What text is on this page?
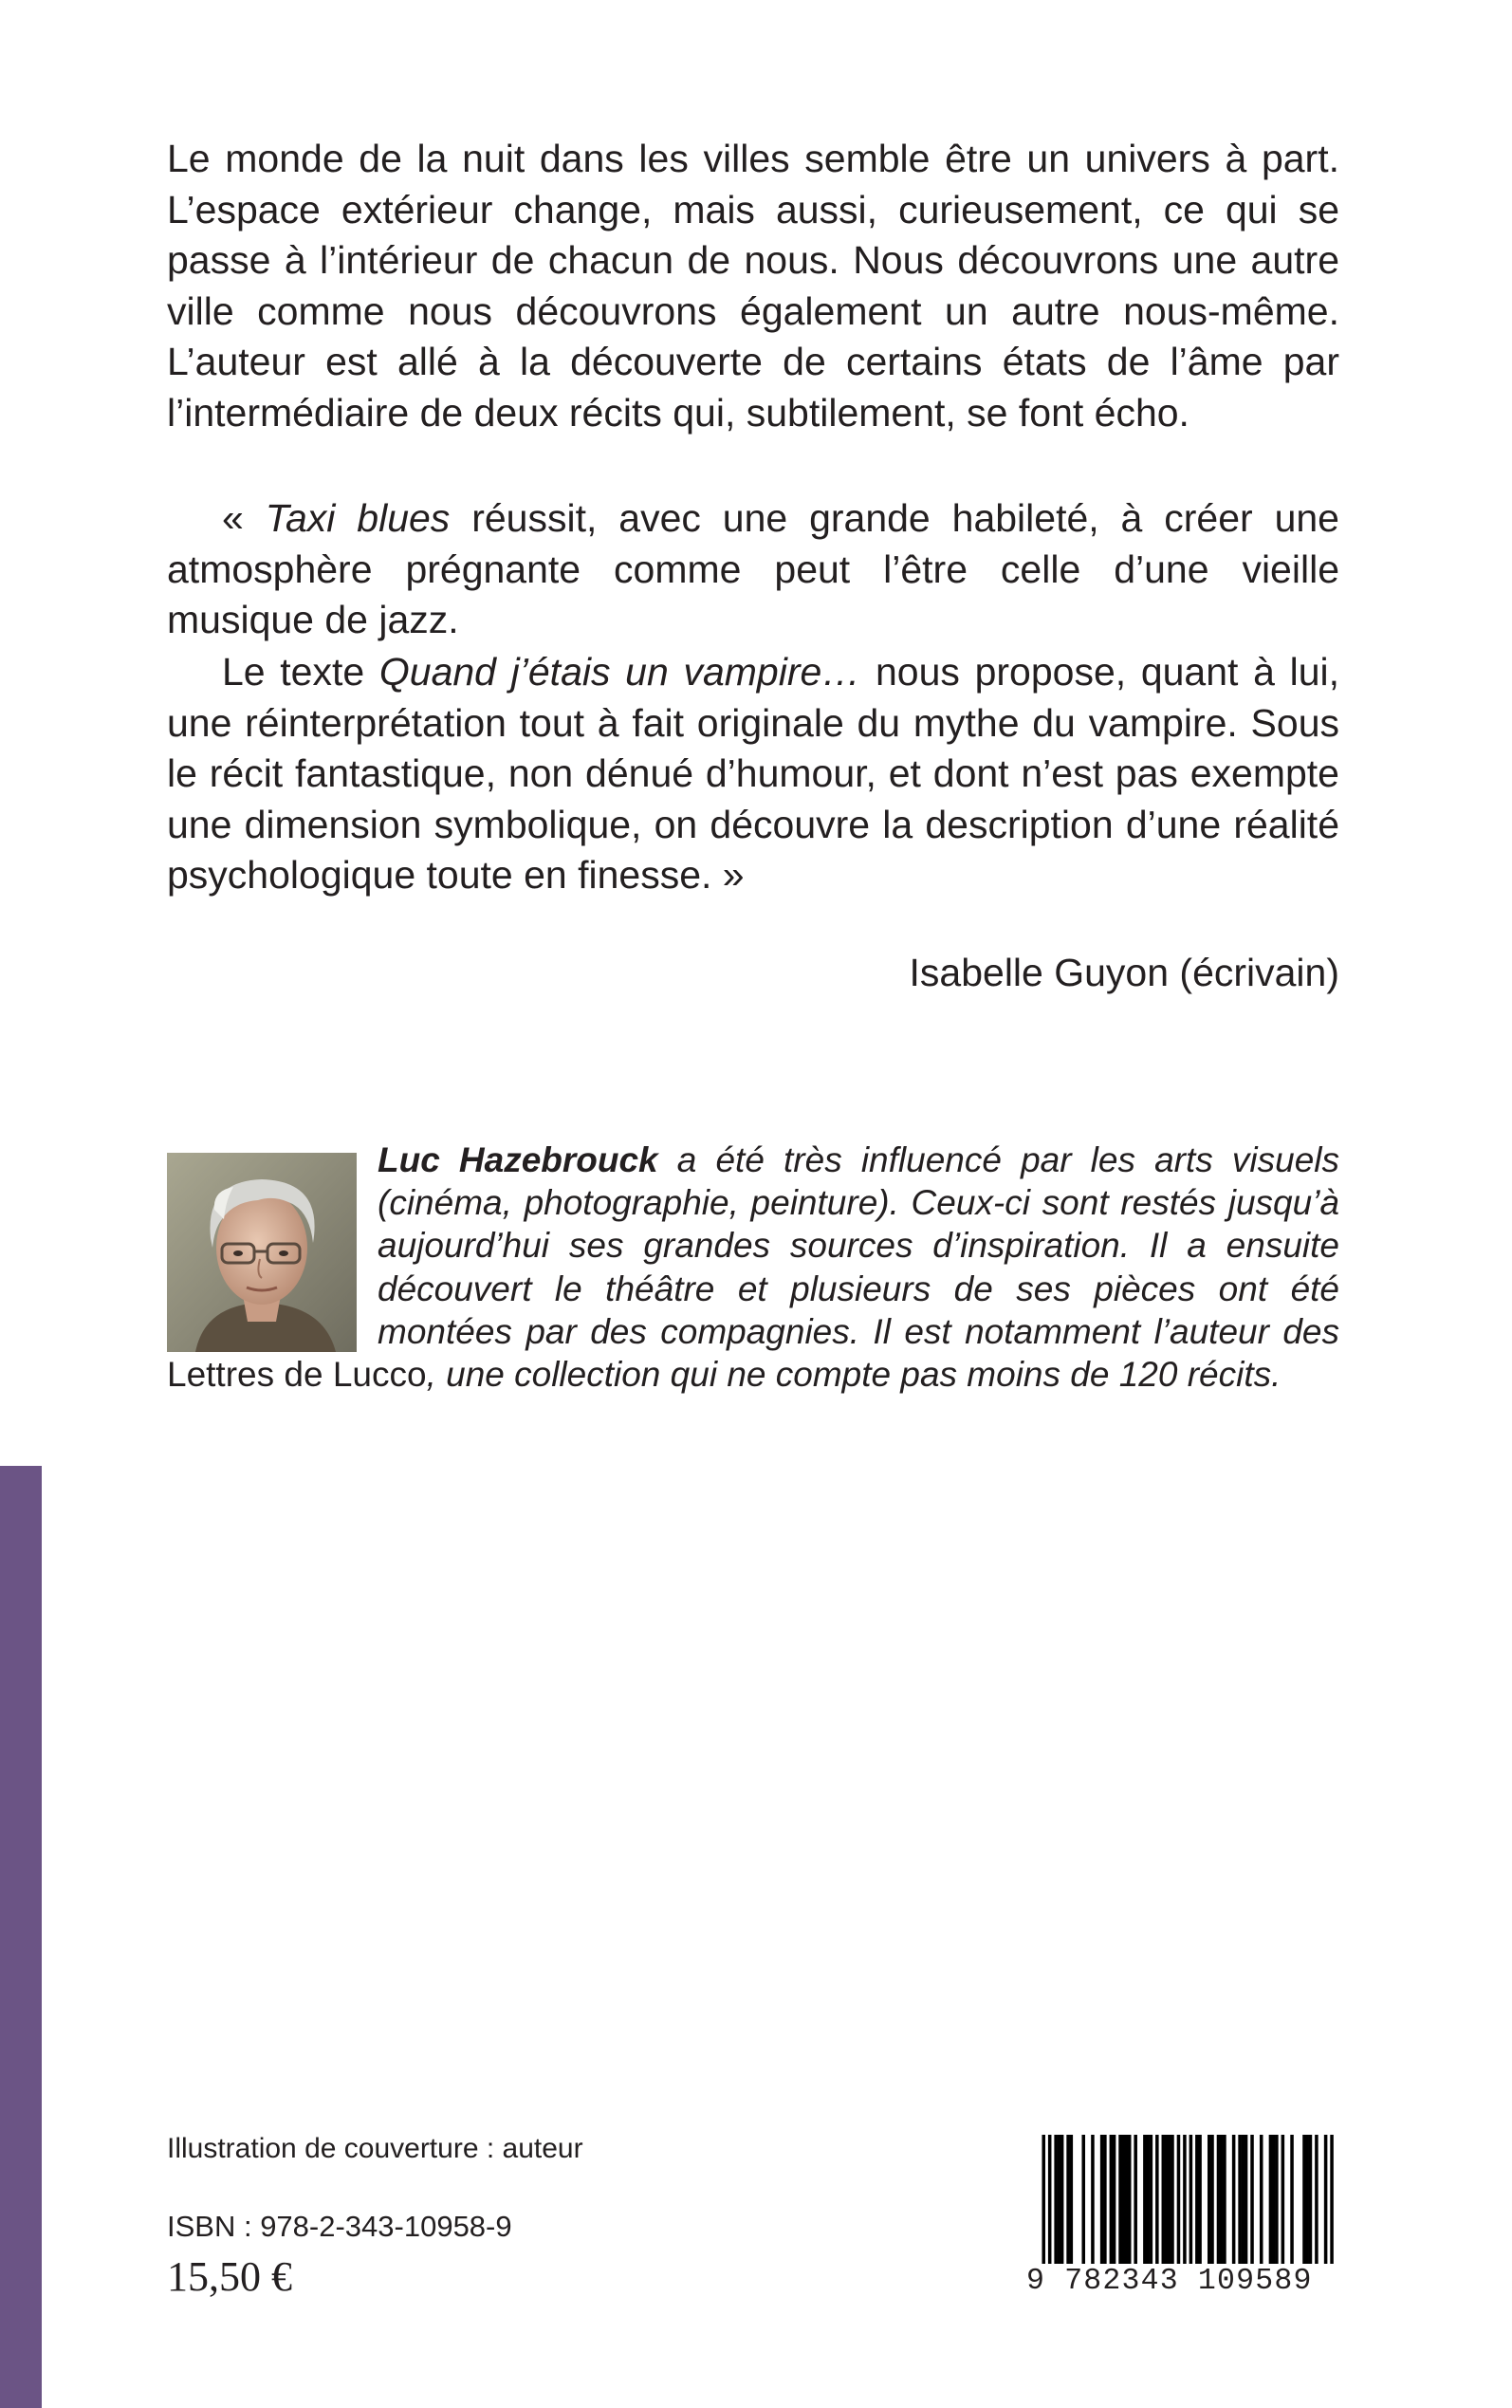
Le monde de la nuit dans les villes semble être un univers à part. L’espace extérieur change, mais aussi, curieusement, ce qui se passe à l’intérieur de chacun de nous. Nous découvrons une autre ville comme nous découvrons également un autre nous-même. L’auteur est allé à la découverte de certains états de l’âme par l’intermédiaire de deux récits qui, subtilement, se font écho.

« Taxi blues réussit, avec une grande habileté, à créer une atmosphère prégnante comme peut l’être celle d’une vieille musique de jazz.

Le texte Quand j’étais un vampire… nous propose, quant à lui, une réinterprétation tout à fait originale du mythe du vampire. Sous le récit fantastique, non dénué d’humour, et dont n’est pas exempte une dimension symbolique, on découvre la description d’une réalité psychologique toute en finesse. »

Isabelle Guyon (écrivain)

Luc Hazebrouck a été très influencé par les arts visuels (cinéma, photographie, peinture). Ceux-ci sont restés jusqu’à aujourd’hui ses grandes sources d’inspiration. Il a ensuite découvert le théâtre et plusieurs de ses pièces ont été montées par des compagnies. Il est notamment l’auteur des Lettres de Lucco, une collection qui ne compte pas moins de 120 récits.

Illustration de couverture : auteur

ISBN : 978-2-343-10958-9

15,50 €	9 782343 109589
